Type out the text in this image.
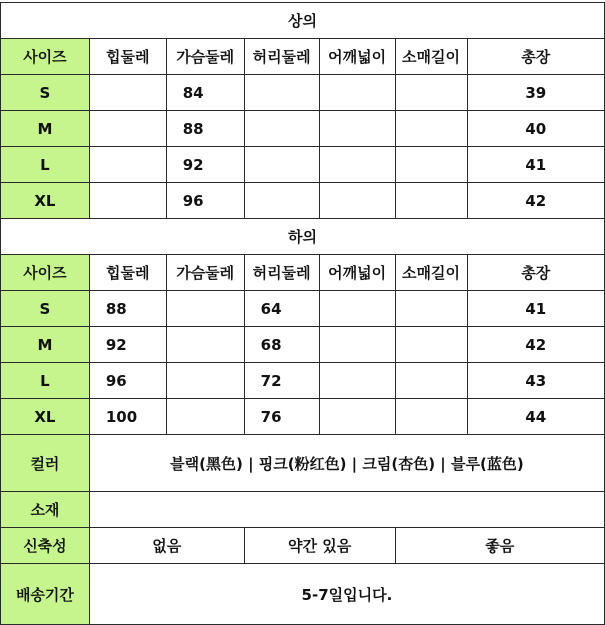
상의						
사이즈	힙둘레	가슴둘레	허리둘레	어깨넓이	소매길이	총장
S		84				39
M		88				40
L		92				41
XL		96				42
하의						
사이즈	힙둘레	가슴둘레	허리둘레	어깨넓이	소매길이	총장
S	88		64			41
M	92		68			42
L	96		72			43
XL	100		76			44
컬러	블랙(黑色) | 핑크(粉红色) | 크림(杏色) | 블루(蓝色)					
소재						
신축성	없음		약간 있음		좋음	
배송기간	5-7일입니다.					
